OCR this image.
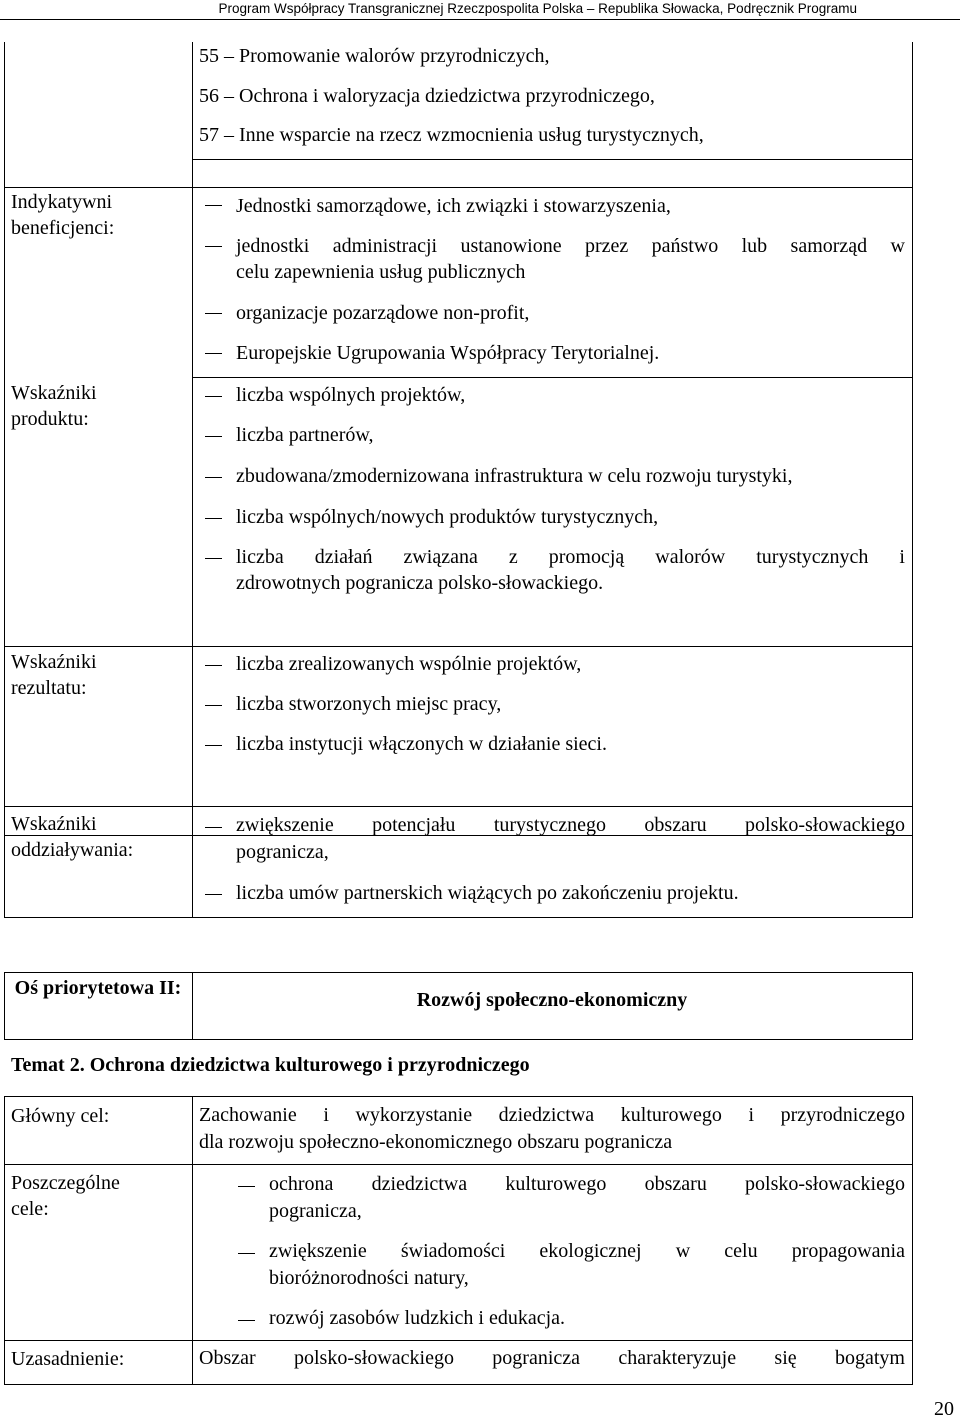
Program Współpracy Transgranicznej Rzeczpospolita Polska – Republika Słowacka, Podręcznik Programu
55 – Promowanie walorów przyrodniczych,
56 – Ochrona i waloryzacja dziedzictwa przyrodniczego,
57 – Inne wsparcie na rzecz wzmocnienia usług turystycznych,
Indykatywni beneficjenci:
Jednostki samorządowe, ich związki i stowarzyszenia,
jednostki administracji ustanowione przez państwo lub samorząd w
celu zapewnienia usług publicznych
organizacje pozarządowe non-profit,
Europejskie Ugrupowania Współpracy Terytorialnej.
Wskaźniki produktu:
liczba wspólnych projektów,
liczba partnerów,
zbudowana/zmodernizowana infrastruktura w celu rozwoju turystyki,
liczba wspólnych/nowych produktów turystycznych,
liczba działań związana z promocją walorów turystycznych i
zdrowotnych pogranicza polsko-słowackiego.
Wskaźniki rezultatu:
liczba zrealizowanych wspólnie projektów,
liczba stworzonych miejsc pracy,
liczba instytucji włączonych w działanie sieci.
Wskaźniki oddziaływania:
zwiększenie potencjału turystycznego obszaru polsko-słowackiego
pogranicza,
liczba umów partnerskich wiążących po zakończeniu projektu.
Oś priorytetowa II:
Rozwój społeczno-ekonomiczny
Temat 2. Ochrona dziedzictwa kulturowego i przyrodniczego
Główny cel:	Zachowanie i wykorzystanie dziedzictwa kulturowego i przyrodniczego
dla rozwoju społeczno-ekonomicznego obszaru pogranicza
Poszczególne cele:
ochrona dziedzictwa kulturowego obszaru polsko-słowackiego
pogranicza,
zwiększenie świadomości ekologicznej w celu propagowania
bioróżnorodności natury,
rozwój zasobów ludzkich i edukacja.
Uzasadnienie:	Obszar polsko-słowackiego pogranicza charakteryzuje się bogatym
20
